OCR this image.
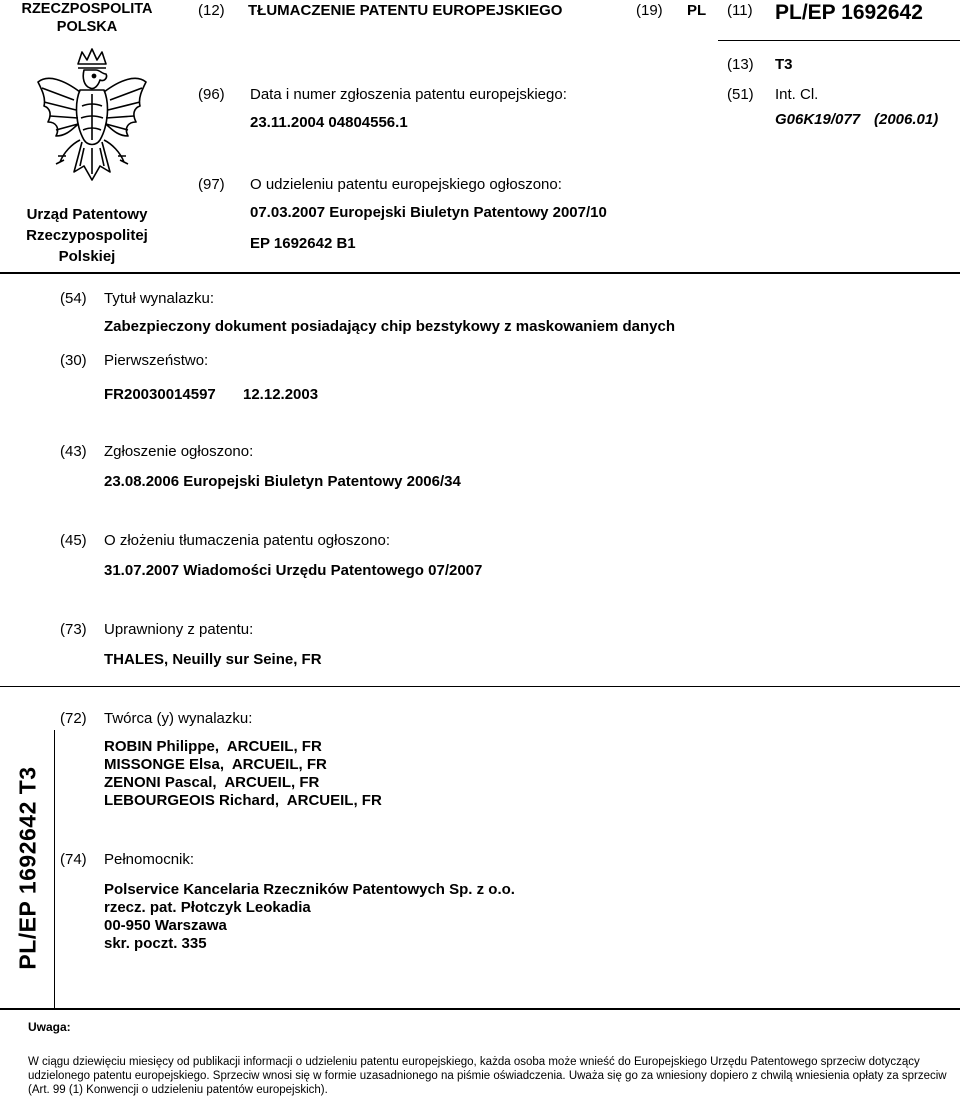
RZECZPOSPOLITA
POLSKA
(12) TŁUMACZENIE PATENTU EUROPEJSKIEGO	(19) PL (11) PL/EP 1692642
(13) T3
(96) Data i numer zgłoszenia patentu europejskiego:
23.11.2004 04804556.1
(51) Int. Cl.
G06K19/077 (2006.01)
(97) O udzieleniu patentu europejskiego ogłoszono:
07.03.2007 Europejski Biuletyn Patentowy 2007/10
EP 1692642 B1
Urząd Patentowy
Rzeczypospolitej
Polskiej
(54) Tytuł wynalazku:
Zabezpieczony dokument posiadający chip bezstykowy z maskowaniem danych
(30) Pierwszeństwo:
FR20030014597 12.12.2003
(43) Zgłoszenie ogłoszono:
23.08.2006 Europejski Biuletyn Patentowy 2006/34
(45) O złożeniu tłumaczenia patentu ogłoszono:
31.07.2007 Wiadomości Urzędu Patentowego 07/2007
(73) Uprawniony z patentu:
THALES, Neuilly sur Seine, FR
(72) Twórca (y) wynalazku:
ROBIN Philippe,  ARCUEIL, FR
MISSONGE Elsa,  ARCUEIL, FR
ZENONI Pascal,  ARCUEIL, FR
LEBOURGEOIS Richard,  ARCUEIL, FR
(74) Pełnomocnik:
Polservice Kancelaria Rzeczników Patentowych Sp. z o.o.
rzecz. pat. Płotczyk Leokadia
00-950 Warszawa
skr. poczt. 335
PL/EP 1692642 T3
Uwaga:
W ciągu dziewięciu miesięcy od publikacji informacji o udzieleniu patentu europejskiego, każda osoba może wnieść do Europejskiego Urzędu Patentowego sprzeciw dotyczący udzielonego patentu europejskiego. Sprzeciw wnosi się w formie uzasadnionego na piśmie oświadczenia. Uważa się go za wniesiony dopiero z chwilą wniesienia opłaty za sprzeciw (Art. 99 (1) Konwencji o udzieleniu patentów europejskich).
